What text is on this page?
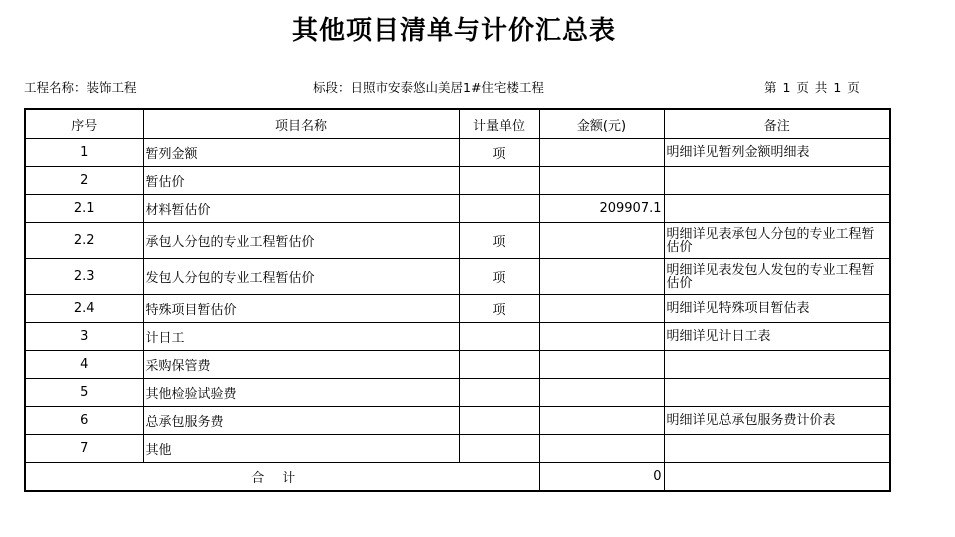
其他项目清单与计价汇总表
工程名称：装饰工程	标段：日照市安泰悠山美居1#住宅楼工程	第 1 页 共 1 页
序号	项目名称	计量单位	金额(元)	备注
1	暂列金额	项		明细详见暂列金额明细表
2	暂估价			
2.1	材料暂估价		209907.1	
2.2	承包人分包的专业工程暂估价	项		明细详见表承包人分包的专业工程暂估价
2.3	发包人分包的专业工程暂估价	项		明细详见表发包人发包的专业工程暂估价
2.4	特殊项目暂估价	项		明细详见特殊项目暂估表
3	计日工			明细详见计日工表
4	采购保管费			
5	其他检验试验费			
6	总承包服务费			明细详见总承包服务费计价表
7	其他			
合计			0	
